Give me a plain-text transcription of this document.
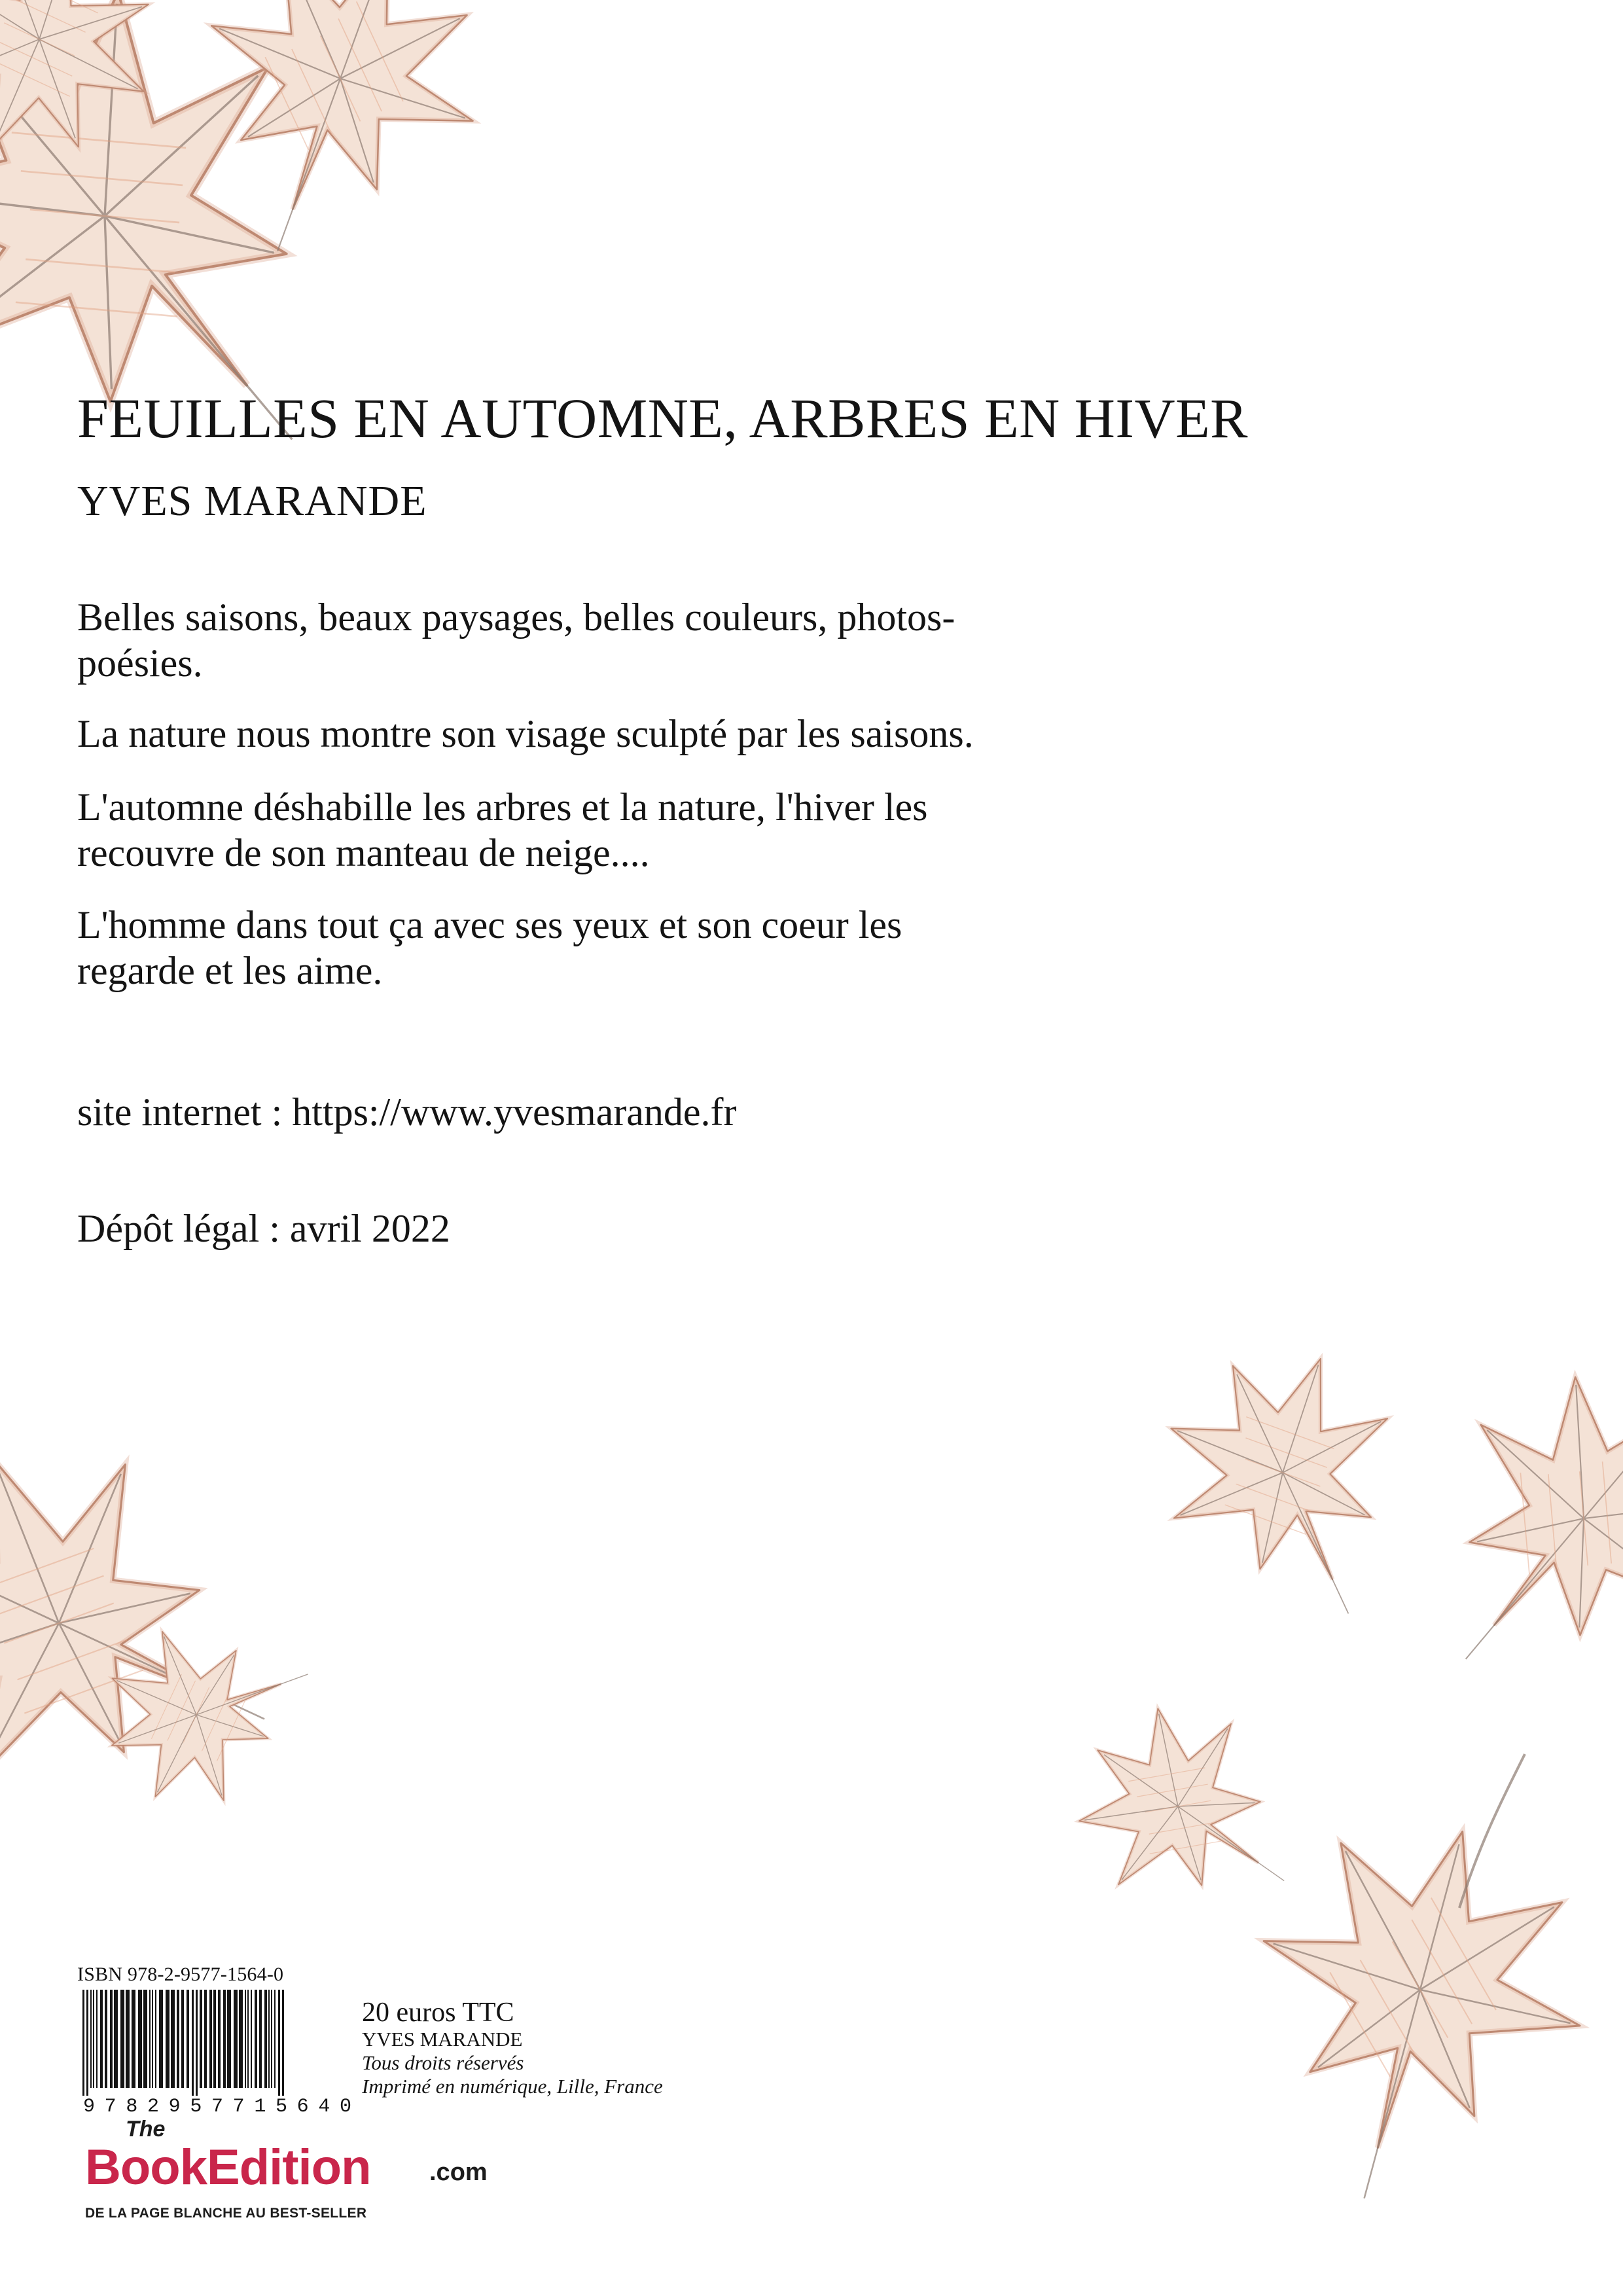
FEUILLES EN AUTOMNE, ARBRES EN HIVER
YVES MARANDE
Belles saisons, beaux paysages, belles couleurs, photos-
poésies.
La nature nous montre son visage sculpté par les saisons.
L'automne déshabille les arbres et la nature, l'hiver les
recouvre de son manteau de neige....
L'homme dans tout ça avec ses yeux et son coeur les
regarde et les aime.
site internet : https://www.yvesmarande.fr
Dépôt légal : avril 2022
ISBN 978-2-9577-1564-0
9782957715640
20 euros TTC
YVES MARANDE
Tous droits réservés
Imprimé en numérique, Lille, France
The
BookEdition .com
DE LA PAGE BLANCHE AU BEST-SELLER
